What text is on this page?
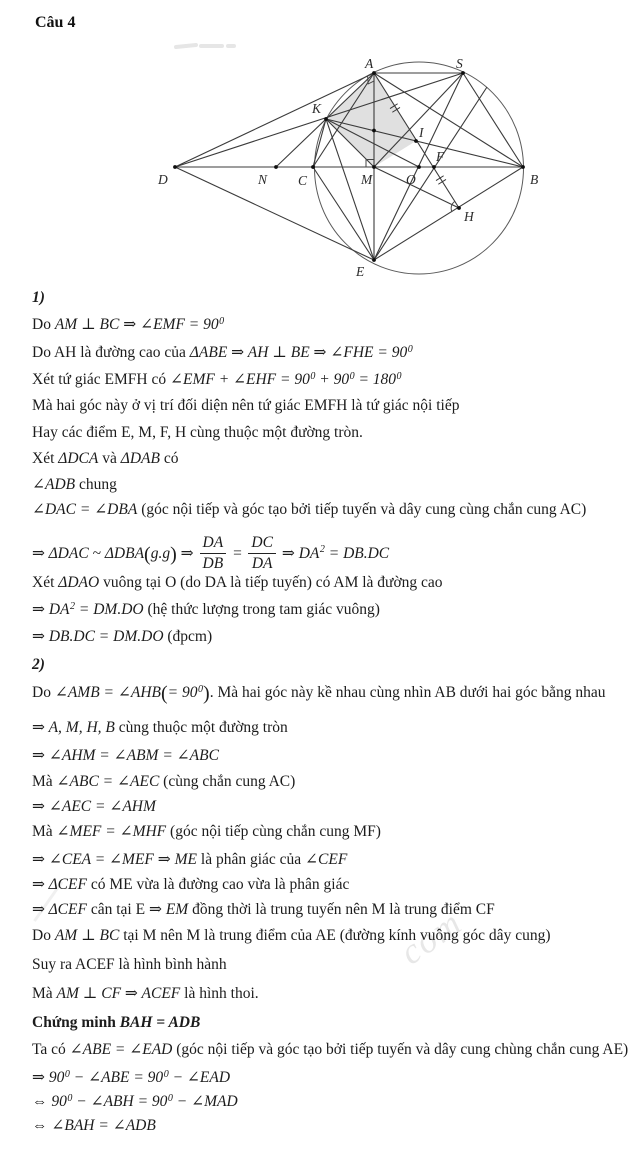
Câu 4
A	S
K
I
F
D	N C	M	O	B
H
E
1)
Do AM ⊥ BC ⇒ ∠EMF = $90^0$
Do AH là đường cao của ΔABE ⇒ AH ⊥ BE ⇒ ∠FHE = $90^0$
Xét tứ giác EMFH có ∠EMF + ∠EHF = $90^0 + 90^0 = 180^0$
Mà hai góc này ở vị trí đối diện nên tứ giác EMFH là tứ giác nội tiếp
Hay các điểm E, M, F, H cùng thuộc một đường tròn.
Xét ΔDCA và ΔDAB có
∠ADB chung
∠DAC = ∠DBA (góc nội tiếp và góc tạo bởi tiếp tuyến và dây cung cùng chắn cung AC)
⇒ ΔDAC ~ ΔDBA(g.g) ⇒ $\frac{DA}{DB} = \frac{DC}{DA}$ ⇒ $DA^2 = DB.DC$
Xét ΔDAO vuông tại O (do DA là tiếp tuyến) có AM là đường cao
⇒ $DA^2 = DM.DO$ (hệ thức lượng trong tam giác vuông)
⇒ DB.DC = DM.DO (đpcm)
2)
Do ∠AMB = ∠AHB(= $90^0$). Mà hai góc này kề nhau cùng nhìn AB dưới hai góc bằng nhau
⇒ A, M, H, B cùng thuộc một đường tròn
⇒ ∠AHM = ∠ABM = ∠ABC
Mà ∠ABC = ∠AEC (cùng chắn cung AC)
⇒ ∠AEC = ∠AHM
Mà ∠MEF = ∠MHF (góc nội tiếp cùng chắn cung MF)
⇒ ∠CEA = ∠MEF ⇒ ME là phân giác của ∠CEF
⇒ ΔCEF có ME vừa là đường cao vừa là phân giác
⇒ ΔCEF cân tại E ⇒ EM đồng thời là trung tuyến nên M là trung điểm CF
Do AM ⊥ BC tại M nên M là trung điểm của AE (đường kính vuông góc dây cung)
Suy ra ACEF là hình bình hành
Mà AM ⊥ CF ⇒ ACEF là hình thoi.
Chứng minh BAH = ADB
Ta có ∠ABE = ∠EAD (góc nội tiếp và góc tạo bởi tiếp tuyến và dây cung chùng chắn cung AE)
⇒ $90^0$ − ∠ABE = $90^0$ − ∠EAD
⇔ $90^0$ − ∠ABH = $90^0$ − ∠MAD
⇔ ∠BAH = ∠ADB
com
